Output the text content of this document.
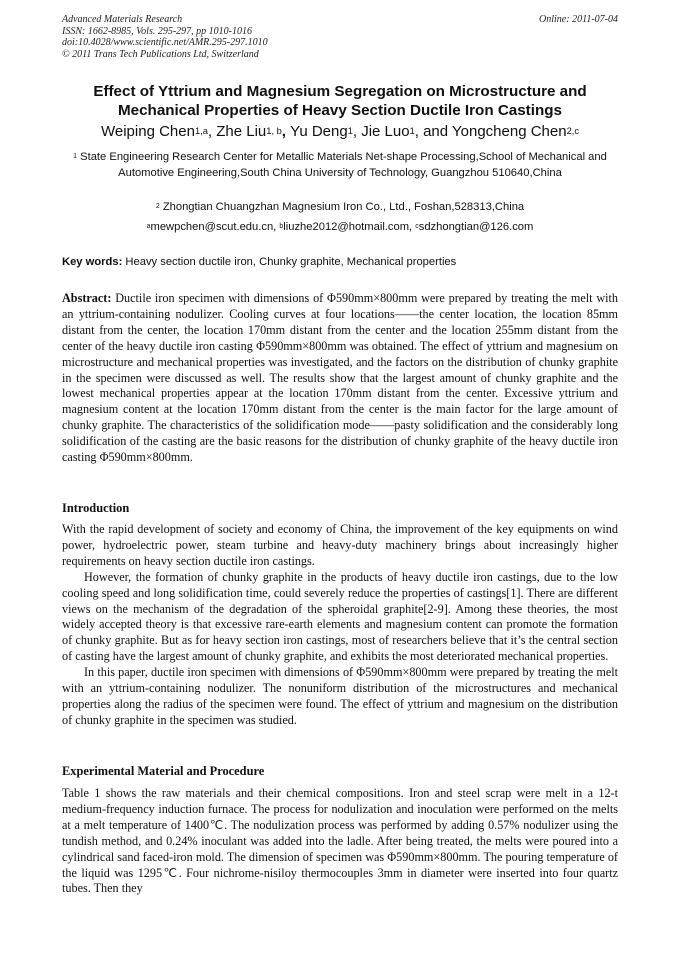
Advanced Materials Research
ISSN: 1662-8985, Vols. 295-297, pp 1010-1016
doi:10.4028/www.scientific.net/AMR.295-297.1010
© 2011 Trans Tech Publications Ltd, Switzerland
Online: 2011-07-04
Effect of Yttrium and Magnesium Segregation on Microstructure and Mechanical Properties of Heavy Section Ductile Iron Castings
Weiping Chen$^{1,a}$, Zhe Liu$^{1, b}$, Yu Deng$^1$, Jie Luo$^1$, and Yongcheng Chen$^{2,c}$
$^1$ State Engineering Research Center for Metallic Materials Net-shape Processing,School of Mechanical and Automotive Engineering,South China University of Technology, Guangzhou 510640,China
$^2$ Zhongtian Chuangzhan Magnesium Iron Co., Ltd., Foshan,528313,China
$^a$mewpchen@scut.edu.cn, $^b$liuzhe2012@hotmail.com, $^c$sdzhongtian@126.com
Key words: Heavy section ductile iron, Chunky graphite, Mechanical properties

Abstract: Ductile iron specimen with dimensions of Φ590mm×800mm were prepared by treating the melt with an yttrium-containing nodulizer. Cooling curves at four locations——the center location, the location 85mm distant from the center, the location 170mm distant from the center and the location 255mm distant from the center of the heavy ductile iron casting Φ590mm×800mm was obtained. The effect of yttrium and magnesium on microstructure and mechanical properties was investigated, and the factors on the distribution of chunky graphite in the specimen were discussed as well. The results show that the largest amount of chunky graphite and the lowest mechanical properties appear at the location 170mm distant from the center. Excessive yttrium and magnesium content at the location 170mm distant from the center is the main factor for the large amount of chunky graphite. The characteristics of the solidification mode——pasty solidification and the considerably long solidification of the casting are the basic reasons for the distribution of chunky graphite of the heavy ductile iron casting Φ590mm×800mm.

Introduction

With the rapid development of society and economy of China, the improvement of the key equipments on wind power, hydroelectric power, steam turbine and heavy-duty machinery brings about increasingly higher requirements on heavy section ductile iron castings.

However, the formation of chunky graphite in the products of heavy ductile iron castings, due to the low cooling speed and long solidification time, could severely reduce the properties of castings[1]. There are different views on the mechanism of the degradation of the spheroidal graphite[2-9]. Among these theories, the most widely accepted theory is that excessive rare-earth elements and magnesium content can promote the formation of chunky graphite. But as for heavy section iron castings, most of researchers believe that it’s the central section of casting have the largest amount of chunky graphite, and exhibits the most deteriorated mechanical properties.

In this paper, ductile iron specimen with dimensions of Φ590mm×800mm were prepared by treating the melt with an yttrium-containing nodulizer. The nonuniform distribution of the microstructures and mechanical properties along the radius of the specimen were found. The effect of yttrium and magnesium on the distribution of chunky graphite in the specimen was studied.

Experimental Material and Procedure

Table 1 shows the raw materials and their chemical compositions. Iron and steel scrap were melt in a 12-t medium-frequency induction furnace. The process for nodulization and inoculation were performed on the melts at a melt temperature of 1400℃. The nodulization process was performed by adding 0.57% nodulizer using the tundish method, and 0.24% inoculant was added into the ladle. After being treated, the melts were poured into a cylindrical sand faced-iron mold. The dimension of specimen was Φ590mm×800mm. The pouring temperature of the liquid was 1295℃. Four nichrome-nisiloy thermocouples 3mm in diameter were inserted into four quartz tubes. Then they
